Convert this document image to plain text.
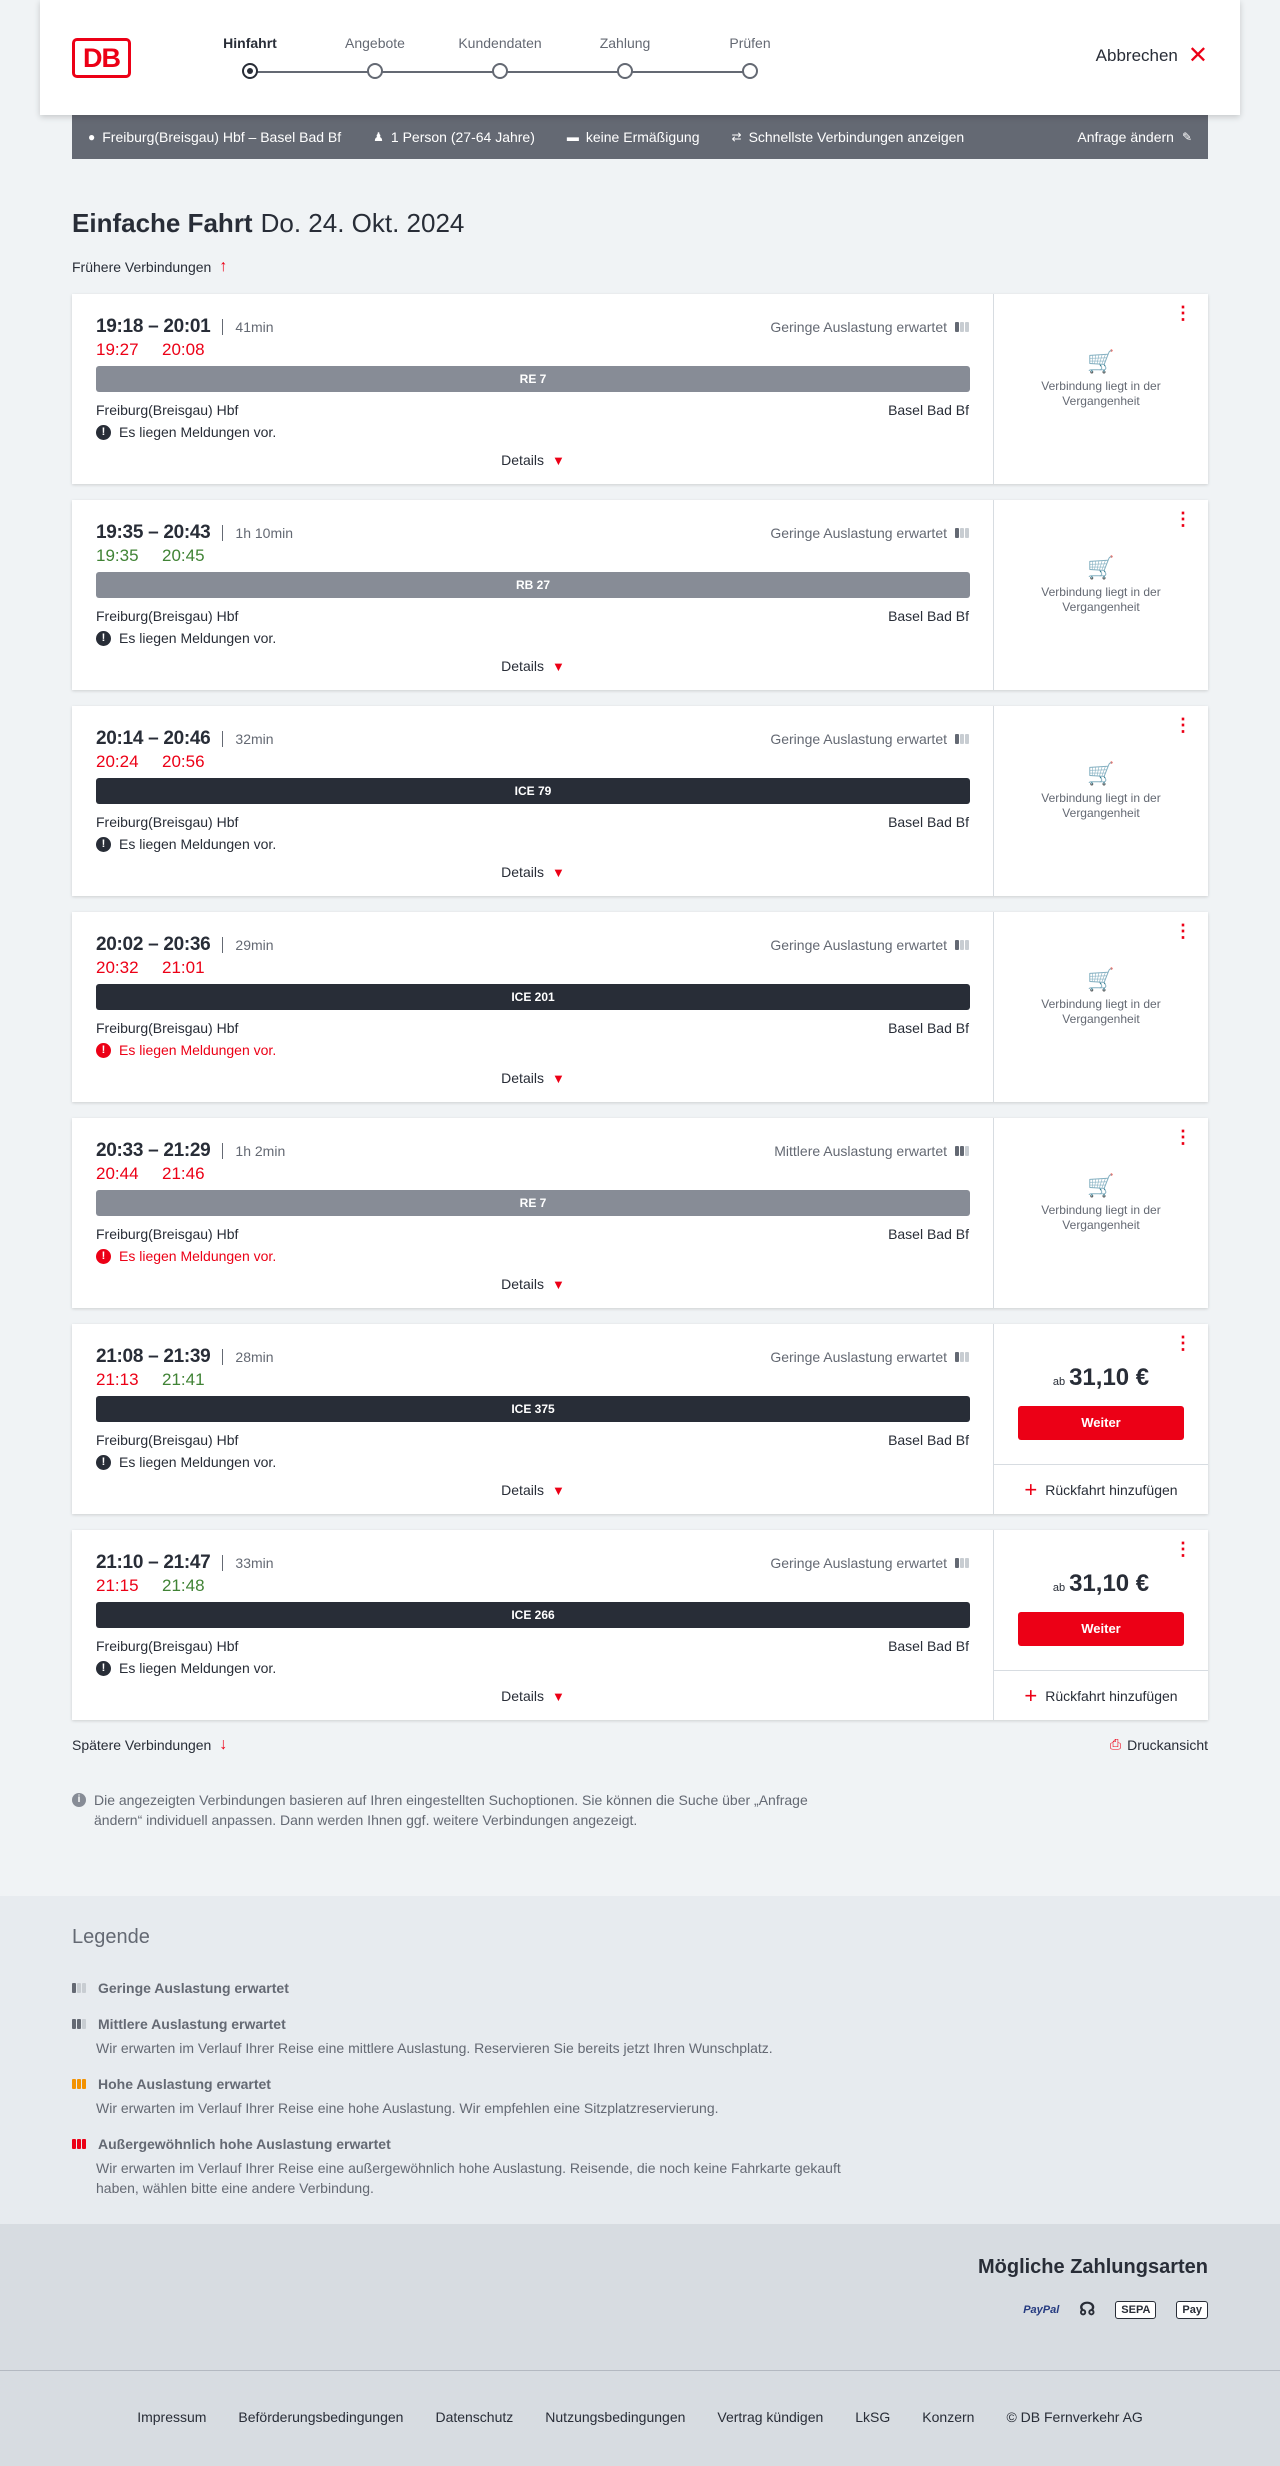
DB	Hinfahrt	Angebote	Kundendaten	Zahlung	Prüfen
Abbrechen ✕
● Freiburg(Breisgau) Hbf – Basel Bad Bf	♟ 1 Person (27-64 Jahre)	▬ keine Ermäßigung	⇄ Schnellste Verbindungen anzeigen	Anfrage ändern ✎
Einfache Fahrt Do. 24. Okt. 2024
Frühere Verbindungen ↑
19:18 – 20:01 41min
19:27 20:08
Geringe Auslastung erwartet
RE 7
Freiburg(Breisgau) Hbf	Basel Bad Bf
! Es liegen Meldungen vor.
Details ▼
⋮
🛒
Verbindung liegt in der Vergangenheit
19:35 – 20:43 1h 10min
19:35 20:45
Geringe Auslastung erwartet
RB 27
Freiburg(Breisgau) Hbf	Basel Bad Bf
! Es liegen Meldungen vor.
Details ▼
⋮
🛒
Verbindung liegt in der Vergangenheit
20:14 – 20:46 32min
20:24 20:56
Geringe Auslastung erwartet
ICE 79
Freiburg(Breisgau) Hbf	Basel Bad Bf
! Es liegen Meldungen vor.
Details ▼
⋮
🛒
Verbindung liegt in der Vergangenheit
20:02 – 20:36 29min
20:32 21:01
Geringe Auslastung erwartet
ICE 201
Freiburg(Breisgau) Hbf	Basel Bad Bf
! Es liegen Meldungen vor.
Details ▼
⋮
🛒
Verbindung liegt in der Vergangenheit
20:33 – 21:29 1h 2min
20:44 21:46
Mittlere Auslastung erwartet
RE 7
Freiburg(Breisgau) Hbf	Basel Bad Bf
! Es liegen Meldungen vor.
Details ▼
⋮
🛒
Verbindung liegt in der Vergangenheit
21:08 – 21:39 28min
21:13 21:41
Geringe Auslastung erwartet
ICE 375
Freiburg(Breisgau) Hbf	Basel Bad Bf
! Es liegen Meldungen vor.
Details ▼
⋮
ab 31,10 €
Weiter
+ Rückfahrt hinzufügen
21:10 – 21:47 33min
21:15 21:48
Geringe Auslastung erwartet
ICE 266
Freiburg(Breisgau) Hbf	Basel Bad Bf
! Es liegen Meldungen vor.
Details ▼
⋮
ab 31,10 €
Weiter
+ Rückfahrt hinzufügen
Spätere Verbindungen ↓	⎙ Druckansicht
i Die angezeigten Verbindungen basieren auf Ihren eingestellten Suchoptionen. Sie können die Suche über „Anfrage ändern“ individuell anpassen. Dann werden Ihnen ggf. weitere Verbindungen angezeigt.
Legende
Geringe Auslastung erwartet
Mittlere Auslastung erwartet
Wir erwarten im Verlauf Ihrer Reise eine mittlere Auslastung. Reservieren Sie bereits jetzt Ihren Wunschplatz.
Hohe Auslastung erwartet
Wir erwarten im Verlauf Ihrer Reise eine hohe Auslastung. Wir empfehlen eine Sitzplatzreservierung.
Außergewöhnlich hohe Auslastung erwartet
Wir erwarten im Verlauf Ihrer Reise eine außergewöhnlich hohe Auslastung. Reisende, die noch keine Fahrkarte gekauft haben, wählen bitte eine andere Verbindung.
Mögliche Zahlungsarten
PayPal ☊	SEPA	Pay
Impressum Beförderungsbedingungen Datenschutz Nutzungsbedingungen Vertrag kündigen LkSG Konzern © DB Fernverkehr AG
